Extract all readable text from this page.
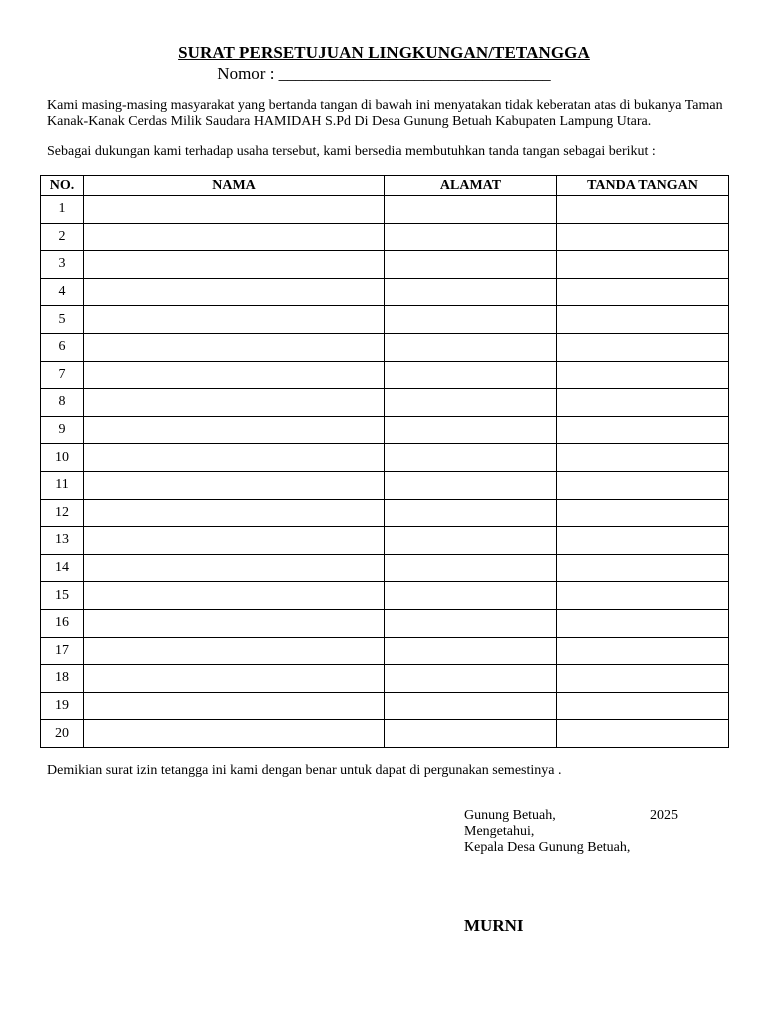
SURAT PERSETUJUAN LINGKUNGAN/TETANGGA
Nomor : ________________________________
Kami masing-masing masyarakat yang bertanda tangan di bawah ini menyatakan tidak keberatan atas di bukanya Taman Kanak-Kanak Cerdas Milik Saudara HAMIDAH S.Pd Di Desa Gunung Betuah Kabupaten Lampung Utara.
Sebagai dukungan kami terhadap usaha tersebut, kami bersedia membutuhkan tanda tangan sebagai berikut :
NO.	NAMA	ALAMAT	TANDA TANGAN
1			
2			
3			
4			
5			
6			
7			
8			
9			
10			
11			
12			
13			
14			
15			
16			
17			
18			
19			
20			
Demikian surat izin tetangga ini kami dengan benar untuk dapat di pergunakan semestinya .
Gunung Betuah,	2025
Mengetahui,
Kepala Desa Gunung Betuah,
MURNI
